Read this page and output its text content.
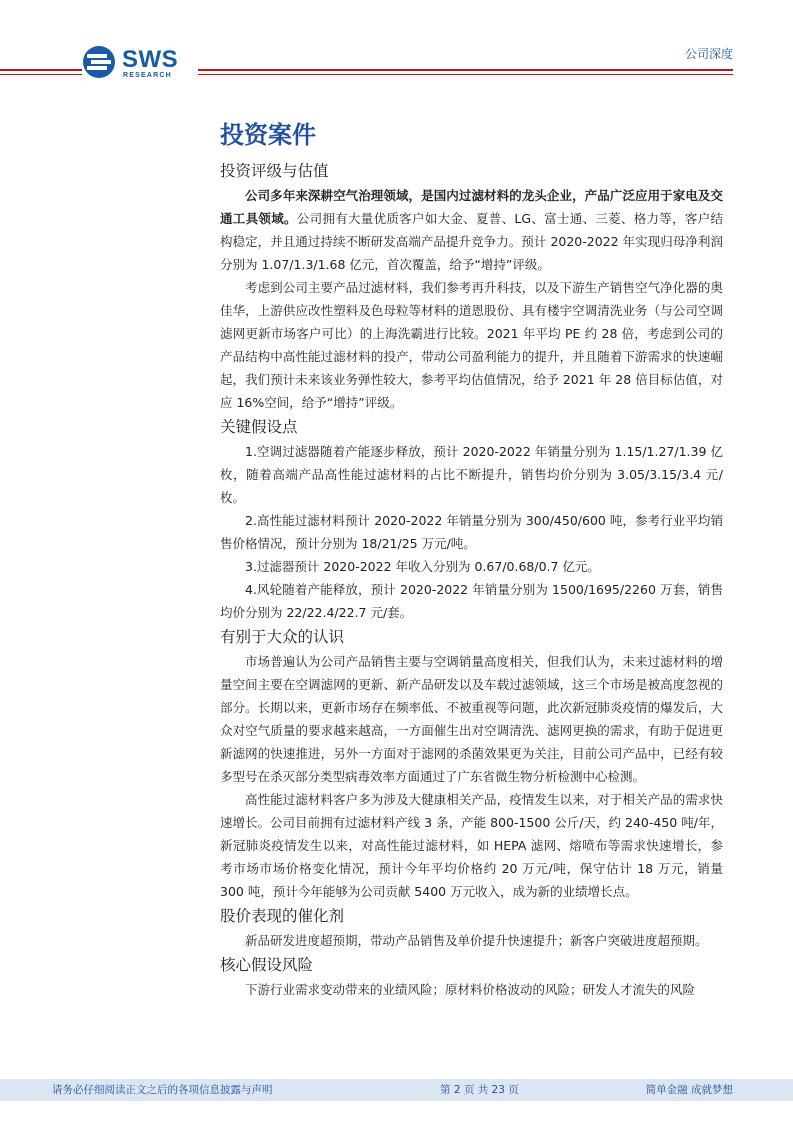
SWS
RESEARCH
公司深度
投资案件
投资评级与估值

公司多年来深耕空气治理领域，是国内过滤材料的龙头企业，产品广泛应用于家电及交通工具领域。公司拥有大量优质客户如大金、夏普、LG、富士通、三菱、格力等，客户结构稳定，并且通过持续不断研发高端产品提升竞争力。预计 2020-2022 年实现归母净利润分别为 1.07/1.3/1.68 亿元，首次覆盖，给予“增持”评级。

考虑到公司主要产品过滤材料，我们参考再升科技，以及下游生产销售空气净化器的奥佳华，上游供应改性塑料及色母粒等材料的道恩股份、具有楼宇空调清洗业务（与公司空调滤网更新市场客户可比）的上海洗霸进行比较。2021 年平均 PE 约 28 倍，考虑到公司的产品结构中高性能过滤材料的投产，带动公司盈利能力的提升，并且随着下游需求的快速崛起，我们预计未来该业务弹性较大，参考平均估值情况，给予 2021 年 28 倍目标估值，对应 16%空间，给予“增持”评级。

关键假设点

1.空调过滤器随着产能逐步释放，预计 2020-2022 年销量分别为 1.15/1.27/1.39 亿枚，随着高端产品高性能过滤材料的占比不断提升，销售均价分别为 3.05/3.15/3.4 元/枚。

2.高性能过滤材料预计 2020-2022 年销量分别为 300/450/600 吨，参考行业平均销售价格情况，预计分别为 18/21/25 万元/吨。

3.过滤器预计 2020-2022 年收入分别为 0.67/0.68/0.7 亿元。

4.风轮随着产能释放，预计 2020-2022 年销量分别为 1500/1695/2260 万套，销售均价分别为 22/22.4/22.7 元/套。

有别于大众的认识

市场普遍认为公司产品销售主要与空调销量高度相关，但我们认为，未来过滤材料的增量空间主要在空调滤网的更新、新产品研发以及车载过滤领域，这三个市场是被高度忽视的部分。长期以来，更新市场存在频率低、不被重视等问题，此次新冠肺炎疫情的爆发后，大众对空气质量的要求越来越高，一方面催生出对空调清洗、滤网更换的需求，有助于促进更新滤网的快速推进，另外一方面对于滤网的杀菌效果更为关注，目前公司产品中，已经有较多型号在杀灭部分类型病毒效率方面通过了广东省微生物分析检测中心检测。

高性能过滤材料客户多为涉及大健康相关产品，疫情发生以来，对于相关产品的需求快速增长。公司目前拥有过滤材料产线 3 条，产能 800-1500 公斤/天，约 240-450 吨/年，新冠肺炎疫情发生以来，对高性能过滤材料，如 HEPA 滤网、熔喷布等需求快速增长，参考市场市场价格变化情况，预计今年平均价格约 20 万元/吨，保守估计 18 万元，销量 300 吨，预计今年能够为公司贡献 5400 万元收入，成为新的业绩增长点。

股价表现的催化剂

新品研发进度超预期，带动产品销售及单价提升快速提升；新客户突破进度超预期。

核心假设风险

下游行业需求变动带来的业绩风险；原材料价格波动的风险；研发人才流失的风险

请务必仔细阅读正文之后的各项信息披露与声明	第 2 页 共 23 页	简单金融 成就梦想
